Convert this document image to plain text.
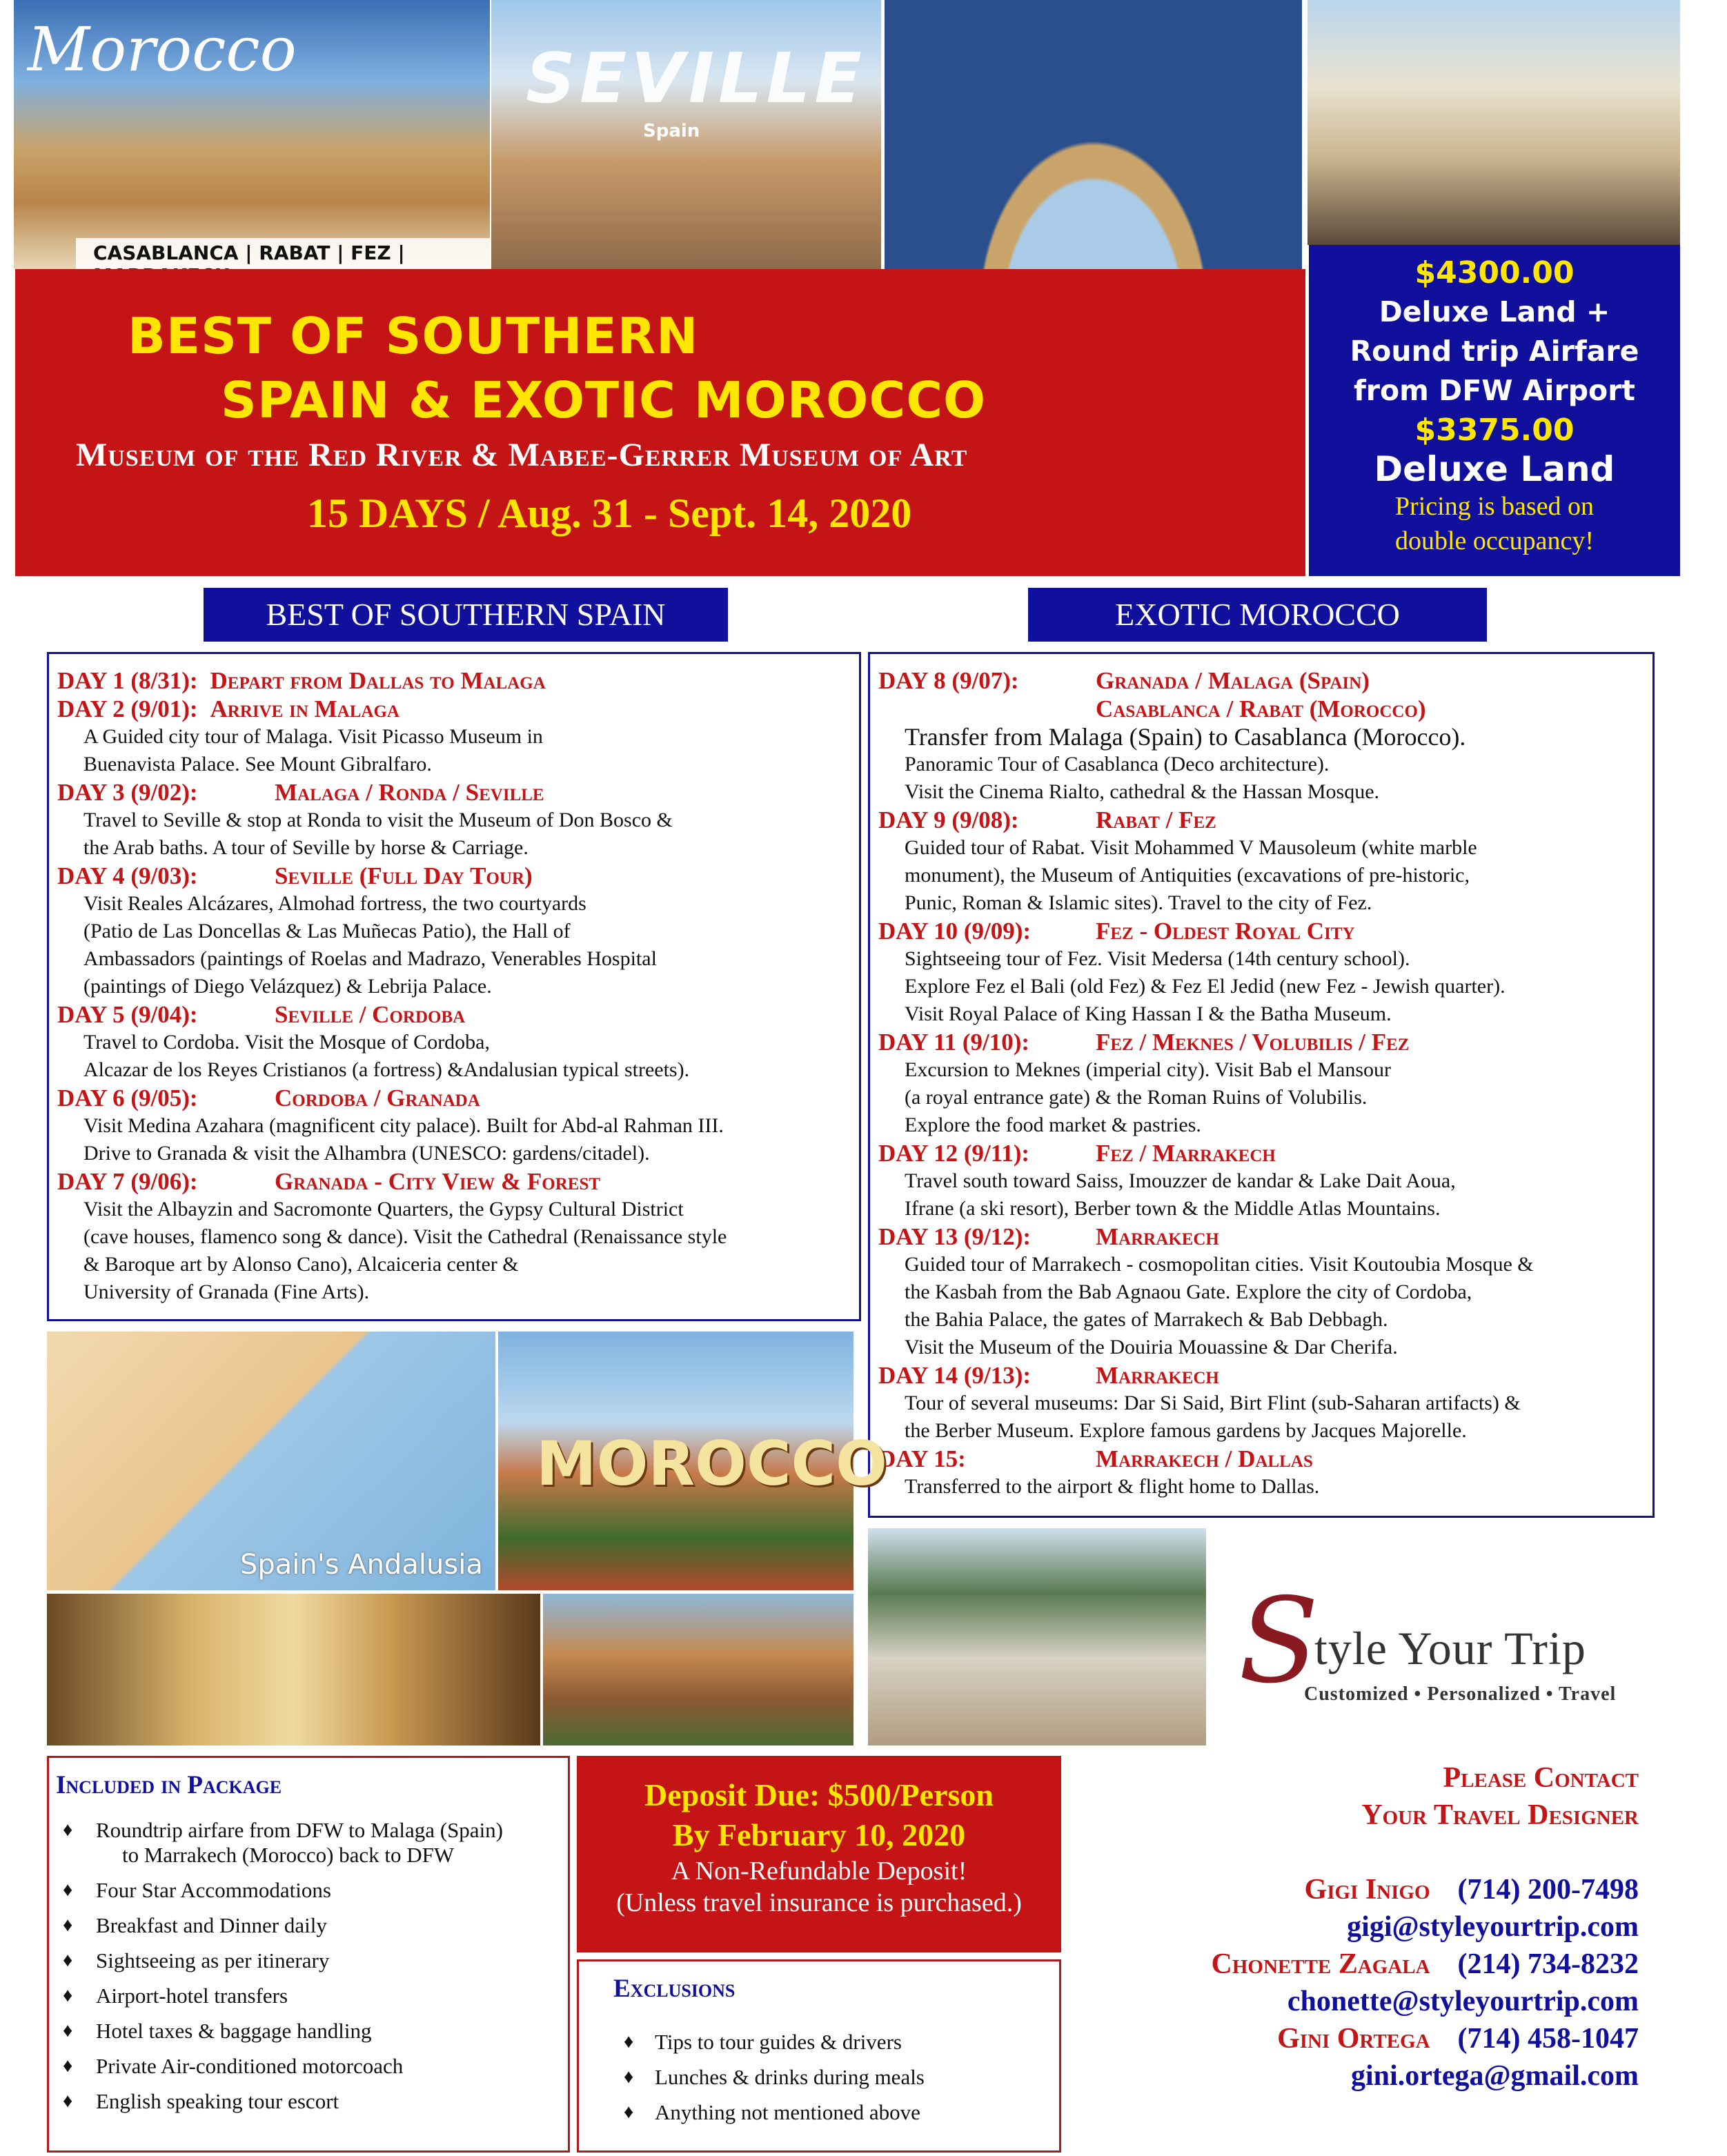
Morocco
CASABLANCA | RABAT | FEZ |
SEVILLE
Spain
BEST OF SOUTHERN
SPAIN & EXOTIC MOROCCO
Museum of the Red River & Mabee-Gerrer Museum of Art
15 DAYS / Aug. 31 - Sept. 14, 2020
$4300.00
Deluxe Land +
Round trip Airfare
from DFW Airport
$3375.00
Deluxe Land
Pricing is based on
double occupancy!
BEST OF SOUTHERN SPAIN	EXOTIC MOROCCO
DAY 1 (8/31): Depart from Dallas to Malaga
DAY 2 (9/01): Arrive in Malaga
A Guided city tour of Malaga. Visit Picasso Museum in
Buenavista Palace. See Mount Gibralfaro.
DAY 3 (9/02):	Malaga / Ronda / Seville
Travel to Seville & stop at Ronda to visit the Museum of Don Bosco &
the Arab baths. A tour of Seville by horse & Carriage.
DAY 4 (9/03):	Seville (Full Day Tour)
Visit Reales Alcázares, Almohad fortress, the two courtyards
(Patio de Las Doncellas & Las Muñecas Patio), the Hall of
Ambassadors (paintings of Roelas and Madrazo, Venerables Hospital
(paintings of Diego Velázquez) & Lebrija Palace.
DAY 5 (9/04):	Seville / Cordoba
Travel to Cordoba. Visit the Mosque of Cordoba,
Alcazar de los Reyes Cristianos (a fortress) &Andalusian typical streets).
DAY 6 (9/05):	Cordoba / Granada
Visit Medina Azahara (magnificent city palace). Built for Abd-al Rahman III.
Drive to Granada & visit the Alhambra (UNESCO: gardens/citadel).
DAY 7 (9/06):	Granada - City View & Forest
Visit the Albayzin and Sacromonte Quarters, the Gypsy Cultural District
(cave houses, flamenco song & dance). Visit the Cathedral (Renaissance style
& Baroque art by Alonso Cano), Alcaiceria center &
University of Granada (Fine Arts).
DAY 8 (9/07):	Granada / Malaga (Spain)
Casablanca / Rabat (Morocco)
Transfer from Malaga (Spain) to Casablanca (Morocco).
Panoramic Tour of Casablanca (Deco architecture).
Visit the Cinema Rialto, cathedral & the Hassan Mosque.
DAY 9 (9/08):	Rabat / Fez
Guided tour of Rabat. Visit Mohammed V Mausoleum (white marble
monument), the Museum of Antiquities (excavations of pre-historic,
Punic, Roman & Islamic sites). Travel to the city of Fez.
DAY 10 (9/09):	Fez - Oldest Royal City
Sightseeing tour of Fez. Visit Medersa (14th century school).
Explore Fez el Bali (old Fez) & Fez El Jedid (new Fez - Jewish quarter).
Visit Royal Palace of King Hassan I & the Batha Museum.
DAY 11 (9/10):	Fez / Meknes / Volubilis / Fez
Excursion to Meknes (imperial city). Visit Bab el Mansour
(a royal entrance gate) & the Roman Ruins of Volubilis.
Explore the food market & pastries.
DAY 12 (9/11):	Fez / Marrakech
Travel south toward Saiss, Imouzzer de kandar & Lake Dait Aoua,
Ifrane (a ski resort), Berber town & the Middle Atlas Mountains.
DAY 13 (9/12):	Marrakech
Guided tour of Marrakech - cosmopolitan cities. Visit Koutoubia Mosque &
the Kasbah from the Bab Agnaou Gate. Explore the city of Cordoba,
the Bahia Palace, the gates of Marrakech & Bab Debbagh.
Visit the Museum of the Douiria Mouassine & Dar Cherifa.
DAY 14 (9/13):	Marrakech
Tour of several museums: Dar Si Said, Birt Flint (sub-Saharan artifacts) &
the Berber Museum. Explore famous gardens by Jacques Majorelle.
DAY 15:	Marrakech / Dallas
Transferred to the airport & flight home to Dallas.
Spain's Andalusia
MOROCCO
S
tyle Your Trip
Customized • Personalized • Travel
Included in Package
♦ Roundtrip airfare from DFW to Malaga (Spain)
to Marrakech (Morocco) back to DFW
♦ Four Star Accommodations
♦ Breakfast and Dinner daily
♦ Sightseeing as per itinerary
♦ Airport-hotel transfers
♦ Hotel taxes & baggage handling
♦ Private Air-conditioned motorcoach
♦ English speaking tour escort
Deposit Due: $500/Person
By February 10, 2020
A Non-Refundable Deposit!
(Unless travel insurance is purchased.)
Exclusions
♦ Tips to tour guides & drivers
♦ Lunches & drinks during meals
♦ Anything not mentioned above
Please Contact
Your Travel Designer
Gigi Inigo (714) 200-7498
gigi@styleyourtrip.com
Chonette Zagala (214) 734-8232
chonette@styleyourtrip.com
Gini Ortega (714) 458-1047
gini.ortega@gmail.com
